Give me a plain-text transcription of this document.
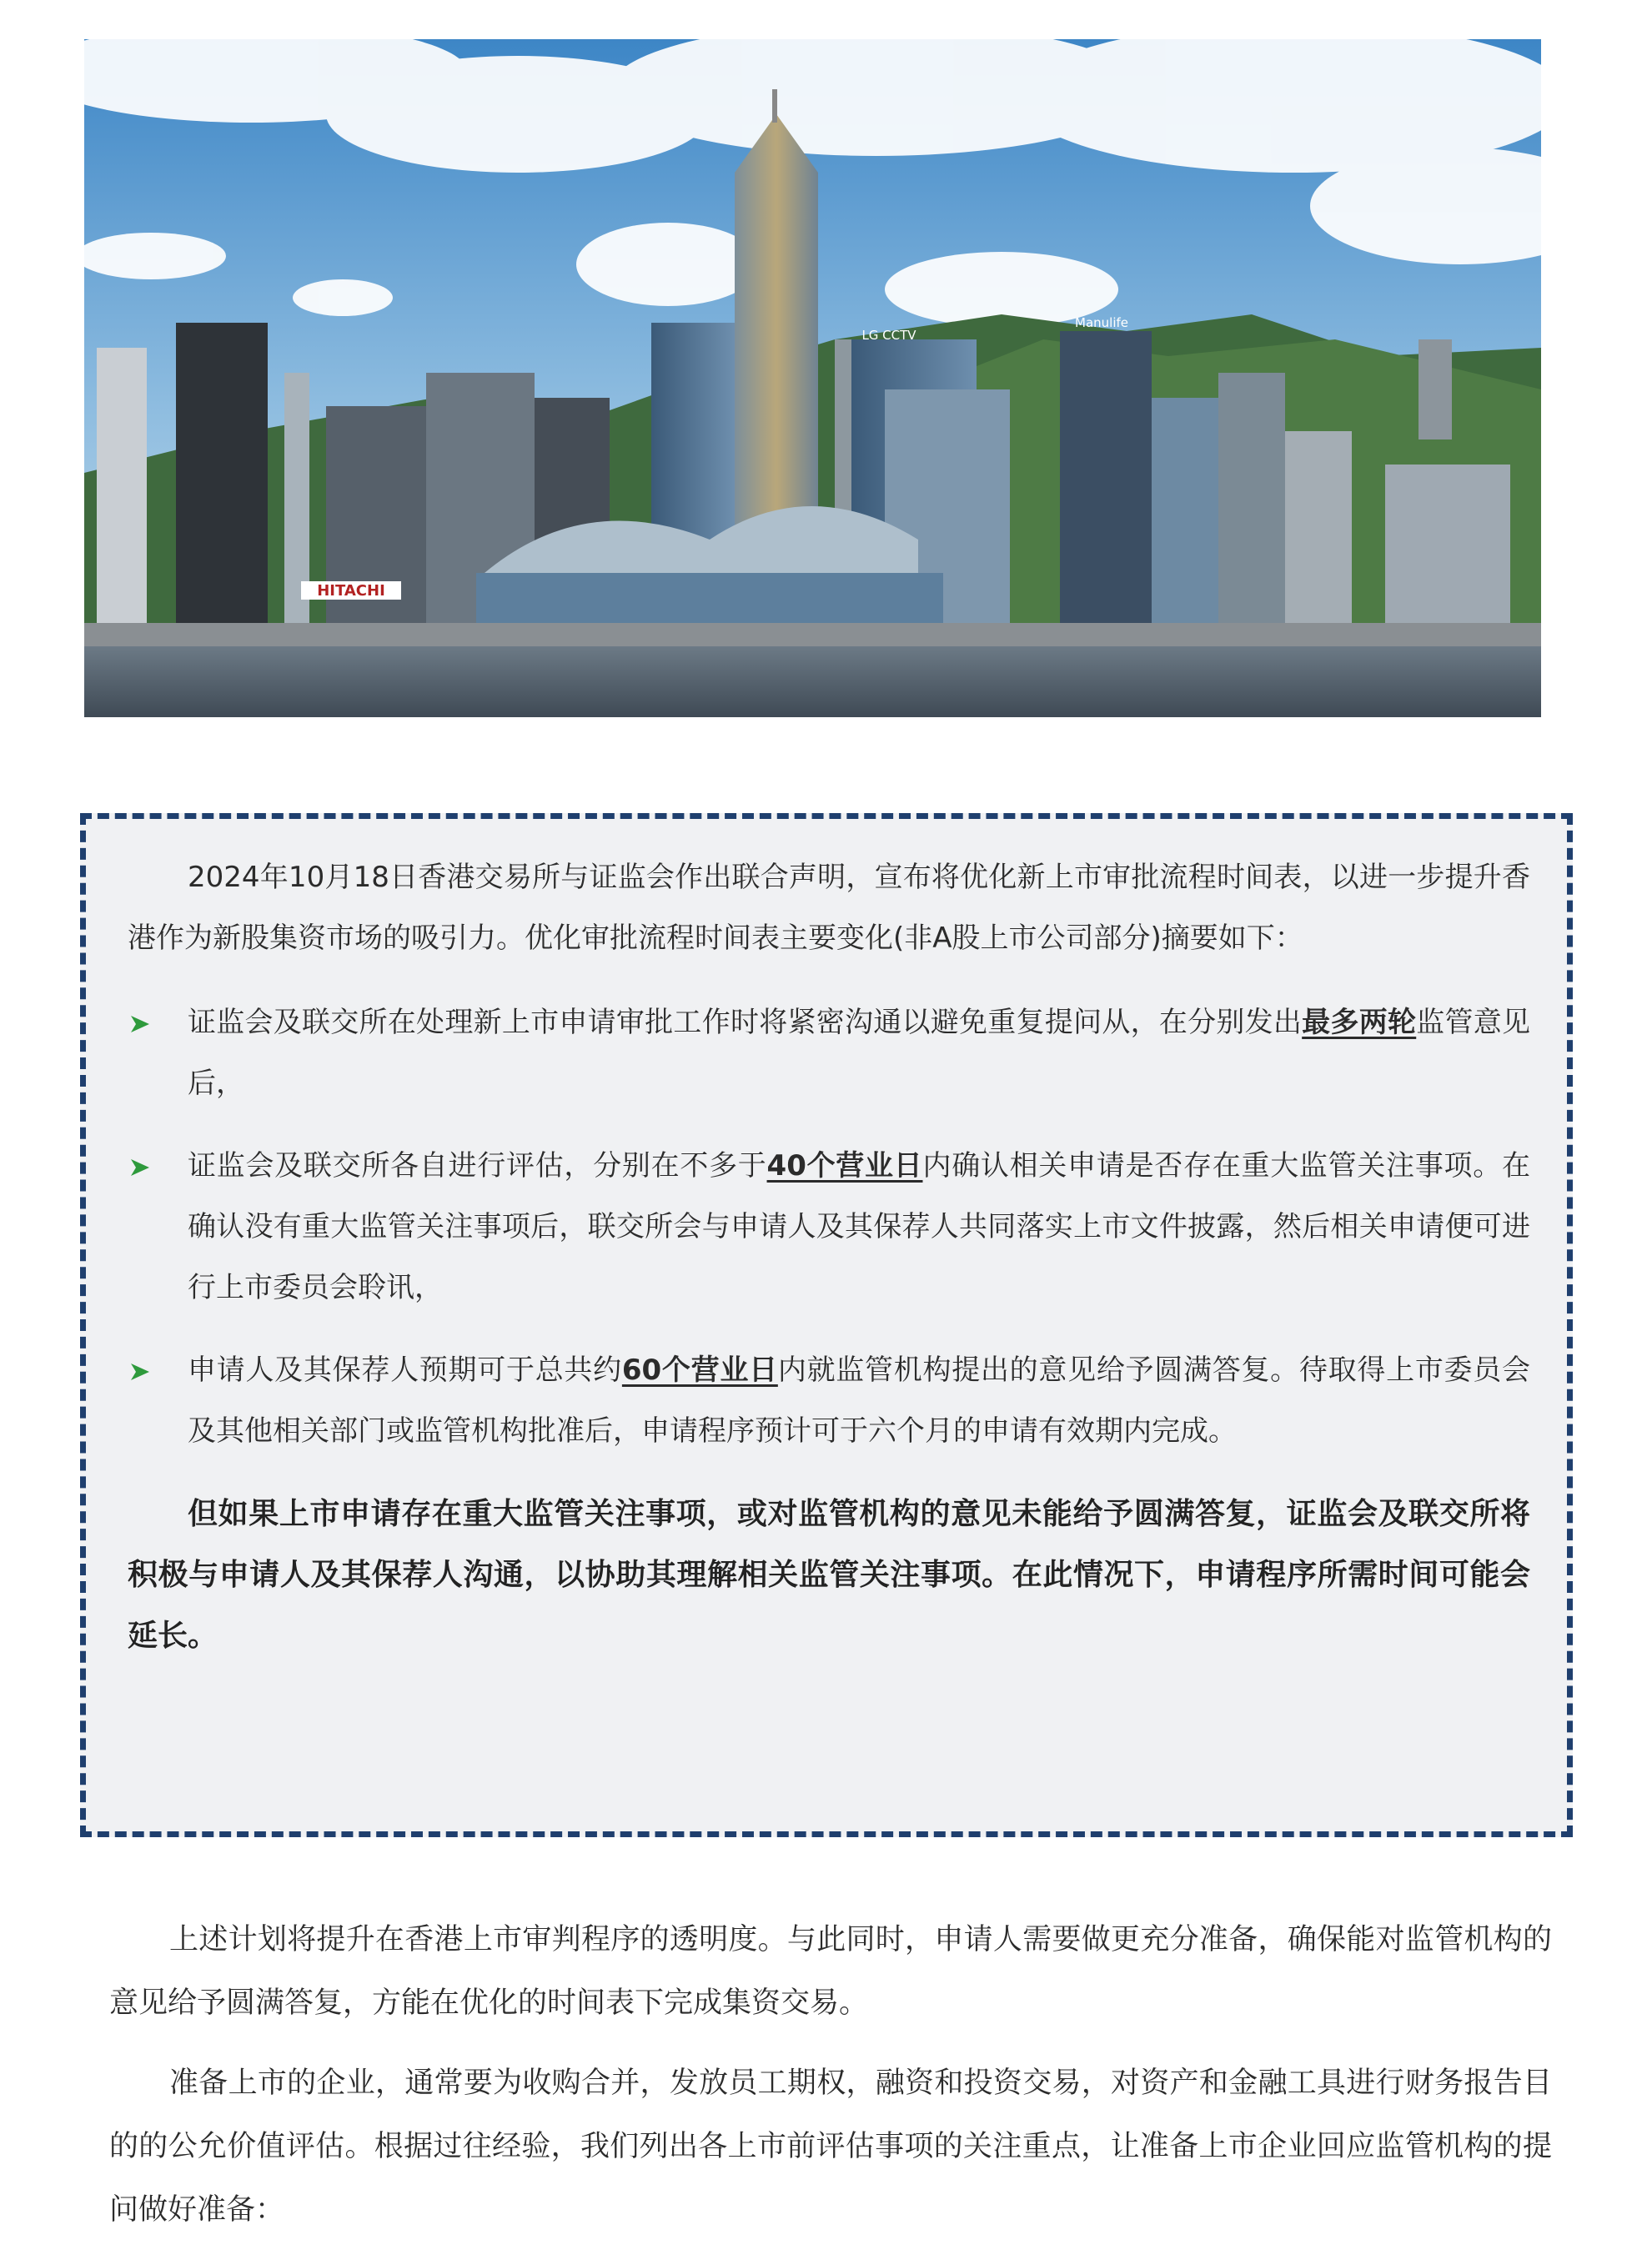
HITACHI
LG CCTV
Manulife

2024年10月18日香港交易所与证监会作出联合声明，宣布将优化新上市审批流程时间表，以进一步提升香港作为新股集资市场的吸引力。优化审批流程时间表主要变化(非A股上市公司部分)摘要如下：

证监会及联交所在处理新上市申请审批工作时将紧密沟通以避免重复提问从，在分别发出最多两轮监管意见后，
证监会及联交所各自进行评估，分别在不多于40个营业日内确认相关申请是否存在重大监管关注事项。在确认没有重大监管关注事项后，联交所会与申请人及其保荐人共同落实上市文件披露，然后相关申请便可进行上市委员会聆讯，
申请人及其保荐人预期可于总共约60个营业日内就监管机构提出的意见给予圆满答复。待取得上市委员会及其他相关部门或监管机构批准后，申请程序预计可于六个月的申请有效期内完成。

但如果上市申请存在重大监管关注事项，或对监管机构的意见未能给予圆满答复，证监会及联交所将积极与申请人及其保荐人沟通，以协助其理解相关监管关注事项。在此情况下，申请程序所需时间可能会延长。

上述计划将提升在香港上市审判程序的透明度。与此同时，申请人需要做更充分准备，确保能对监管机构的意见给予圆满答复，方能在优化的时间表下完成集资交易。

准备上市的企业，通常要为收购合并，发放员工期权，融资和投资交易，对资产和金融工具进行财务报告目的的公允价值评估。根据过往经验，我们列出各上市前评估事项的关注重点，让准备上市企业回应监管机构的提问做好准备：
